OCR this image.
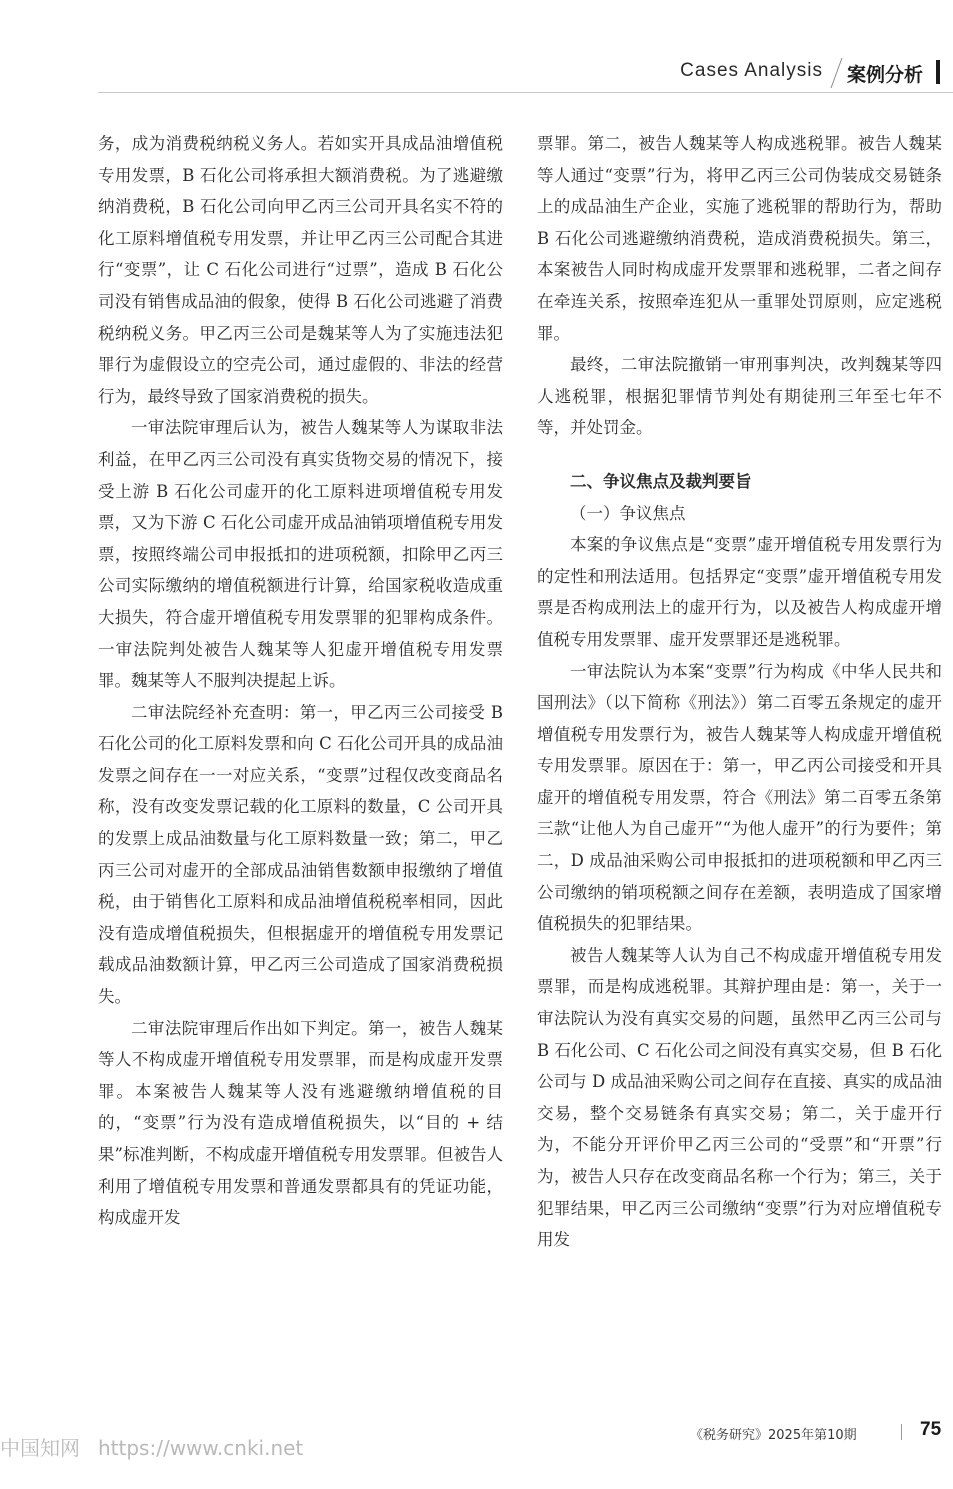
Cases Analysis 案例分析

务，成为消费税纳税义务人。若如实开具成品油增值税专用发票，B 石化公司将承担大额消费税。为了逃避缴纳消费税，B 石化公司向甲乙丙三公司开具名实不符的化工原料增值税专用发票，并让甲乙丙三公司配合其进行“变票”，让 C 石化公司进行“过票”，造成 B 石化公司没有销售成品油的假象，使得 B 石化公司逃避了消费税纳税义务。甲乙丙三公司是魏某等人为了实施违法犯罪行为虚假设立的空壳公司，通过虚假的、非法的经营行为，最终导致了国家消费税的损失。

一审法院审理后认为，被告人魏某等人为谋取非法利益，在甲乙丙三公司没有真实货物交易的情况下，接受上游 B 石化公司虚开的化工原料进项增值税专用发票，又为下游 C 石化公司虚开成品油销项增值税专用发票，按照终端公司申报抵扣的进项税额，扣除甲乙丙三公司实际缴纳的增值税额进行计算，给国家税收造成重大损失，符合虚开增值税专用发票罪的犯罪构成条件。一审法院判处被告人魏某等人犯虚开增值税专用发票罪。魏某等人不服判决提起上诉。

二审法院经补充查明：第一，甲乙丙三公司接受 B 石化公司的化工原料发票和向 C 石化公司开具的成品油发票之间存在一一对应关系，“变票”过程仅改变商品名称，没有改变发票记载的化工原料的数量，C 公司开具的发票上成品油数量与化工原料数量一致；第二，甲乙丙三公司对虚开的全部成品油销售数额申报缴纳了增值税，由于销售化工原料和成品油增值税税率相同，因此没有造成增值税损失，但根据虚开的增值税专用发票记载成品油数额计算，甲乙丙三公司造成了国家消费税损失。

二审法院审理后作出如下判定。第一，被告人魏某等人不构成虚开增值税专用发票罪，而是构成虚开发票罪。本案被告人魏某等人没有逃避缴纳增值税的目的，“变票”行为没有造成增值税损失，以“目的 + 结果”标准判断，不构成虚开增值税专用发票罪。但被告人利用了增值税专用发票和普通发票都具有的凭证功能，构成虚开发

票罪。第二，被告人魏某等人构成逃税罪。被告人魏某等人通过“变票”行为，将甲乙丙三公司伪装成交易链条上的成品油生产企业，实施了逃税罪的帮助行为，帮助 B 石化公司逃避缴纳消费税，造成消费税损失。第三，本案被告人同时构成虚开发票罪和逃税罪，二者之间存在牵连关系，按照牵连犯从一重罪处罚原则，应定逃税罪。

最终，二审法院撤销一审刑事判决，改判魏某等四人逃税罪，根据犯罪情节判处有期徒刑三年至七年不等，并处罚金。

二、争议焦点及裁判要旨

（一）争议焦点

本案的争议焦点是“变票”虚开增值税专用发票行为的定性和刑法适用。包括界定“变票”虚开增值税专用发票是否构成刑法上的虚开行为，以及被告人构成虚开增值税专用发票罪、虚开发票罪还是逃税罪。

一审法院认为本案“变票”行为构成《中华人民共和国刑法》（以下简称《刑法》）第二百零五条规定的虚开增值税专用发票行为，被告人魏某等人构成虚开增值税专用发票罪。原因在于：第一，甲乙丙公司接受和开具虚开的增值税专用发票，符合《刑法》第二百零五条第三款“让他人为自己虚开”“为他人虚开”的行为要件；第二，D 成品油采购公司申报抵扣的进项税额和甲乙丙三公司缴纳的销项税额之间存在差额，表明造成了国家增值税损失的犯罪结果。

被告人魏某等人认为自己不构成虚开增值税专用发票罪，而是构成逃税罪。其辩护理由是：第一，关于一审法院认为没有真实交易的问题，虽然甲乙丙三公司与 B 石化公司、C 石化公司之间没有真实交易，但 B 石化公司与 D 成品油采购公司之间存在直接、真实的成品油交易，整个交易链条有真实交易；第二，关于虚开行为，不能分开评价甲乙丙三公司的“受票”和“开票”行为，被告人只存在改变商品名称一个行为；第三，关于犯罪结果，甲乙丙三公司缴纳“变票”行为对应增值税专用发

《税务研究》2025年第10期	75
中国知网 https://www.cnki.net
